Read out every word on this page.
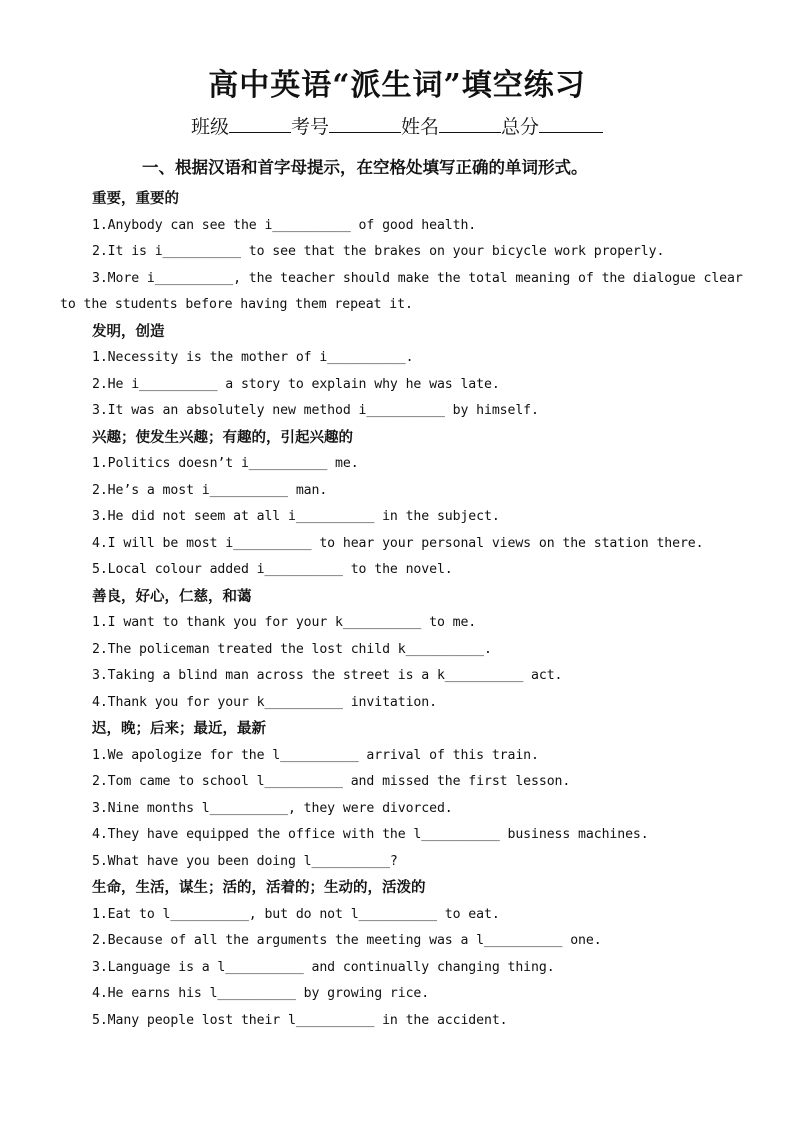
高中英语“派生词”填空练习
班级	考号	姓名	总分
一、根据汉语和首字母提示，在空格处填写正确的单词形式。
重要，重要的
1.Anybody can see the i__________ of good health.
2.It is i__________ to see that the brakes on your bicycle work properly.
3.More i__________, the teacher should make the total meaning of the dialogue clear
to the students before having them repeat it.
发明，创造
1.Necessity is the mother of i__________.
2.He i__________ a story to explain why he was late.
3.It was an absolutely new method i__________ by himself.
兴趣；使发生兴趣；有趣的，引起兴趣的
1.Politics doesn’t i__________ me.
2.He’s a most i__________ man.
3.He did not seem at all i__________ in the subject.
4.I will be most i__________ to hear your personal views on the station there.
5.Local colour added i__________ to the novel.
善良，好心，仁慈，和蔼
1.I want to thank you for your k__________ to me.
2.The policeman treated the lost child k__________.
3.Taking a blind man across the street is a k__________ act.
4.Thank you for your k__________ invitation.
迟，晚；后来；最近，最新
1.We apologize for the l__________ arrival of this train.
2.Tom came to school l__________ and missed the first lesson.
3.Nine months l__________, they were divorced.
4.They have equipped the office with the l__________ business machines.
5.What have you been doing l__________?
生命，生活，谋生；活的，活着的；生动的，活泼的
1.Eat to l__________, but do not l__________ to eat.
2.Because of all the arguments the meeting was a l__________ one.
3.Language is a l__________ and continually changing thing.
4.He earns his l__________ by growing rice.
5.Many people lost their l__________ in the accident.
